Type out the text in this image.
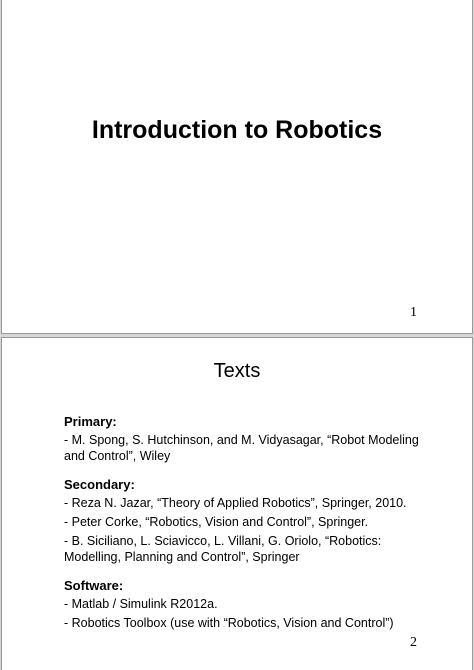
Introduction to Robotics
1
Texts
Primary:
- M. Spong, S. Hutchinson, and M. Vidyasagar, “Robot Modeling and Control”, Wiley
Secondary:
- Reza N. Jazar, “Theory of Applied Robotics”, Springer, 2010.
- Peter Corke, “Robotics, Vision and Control”, Springer.
- B. Siciliano, L. Sciavicco, L. Villani, G. Oriolo, “Robotics: Modelling, Planning and Control”, Springer
Software:
- Matlab / Simulink R2012a.
- Robotics Toolbox (use with “Robotics, Vision and Control”)
2
